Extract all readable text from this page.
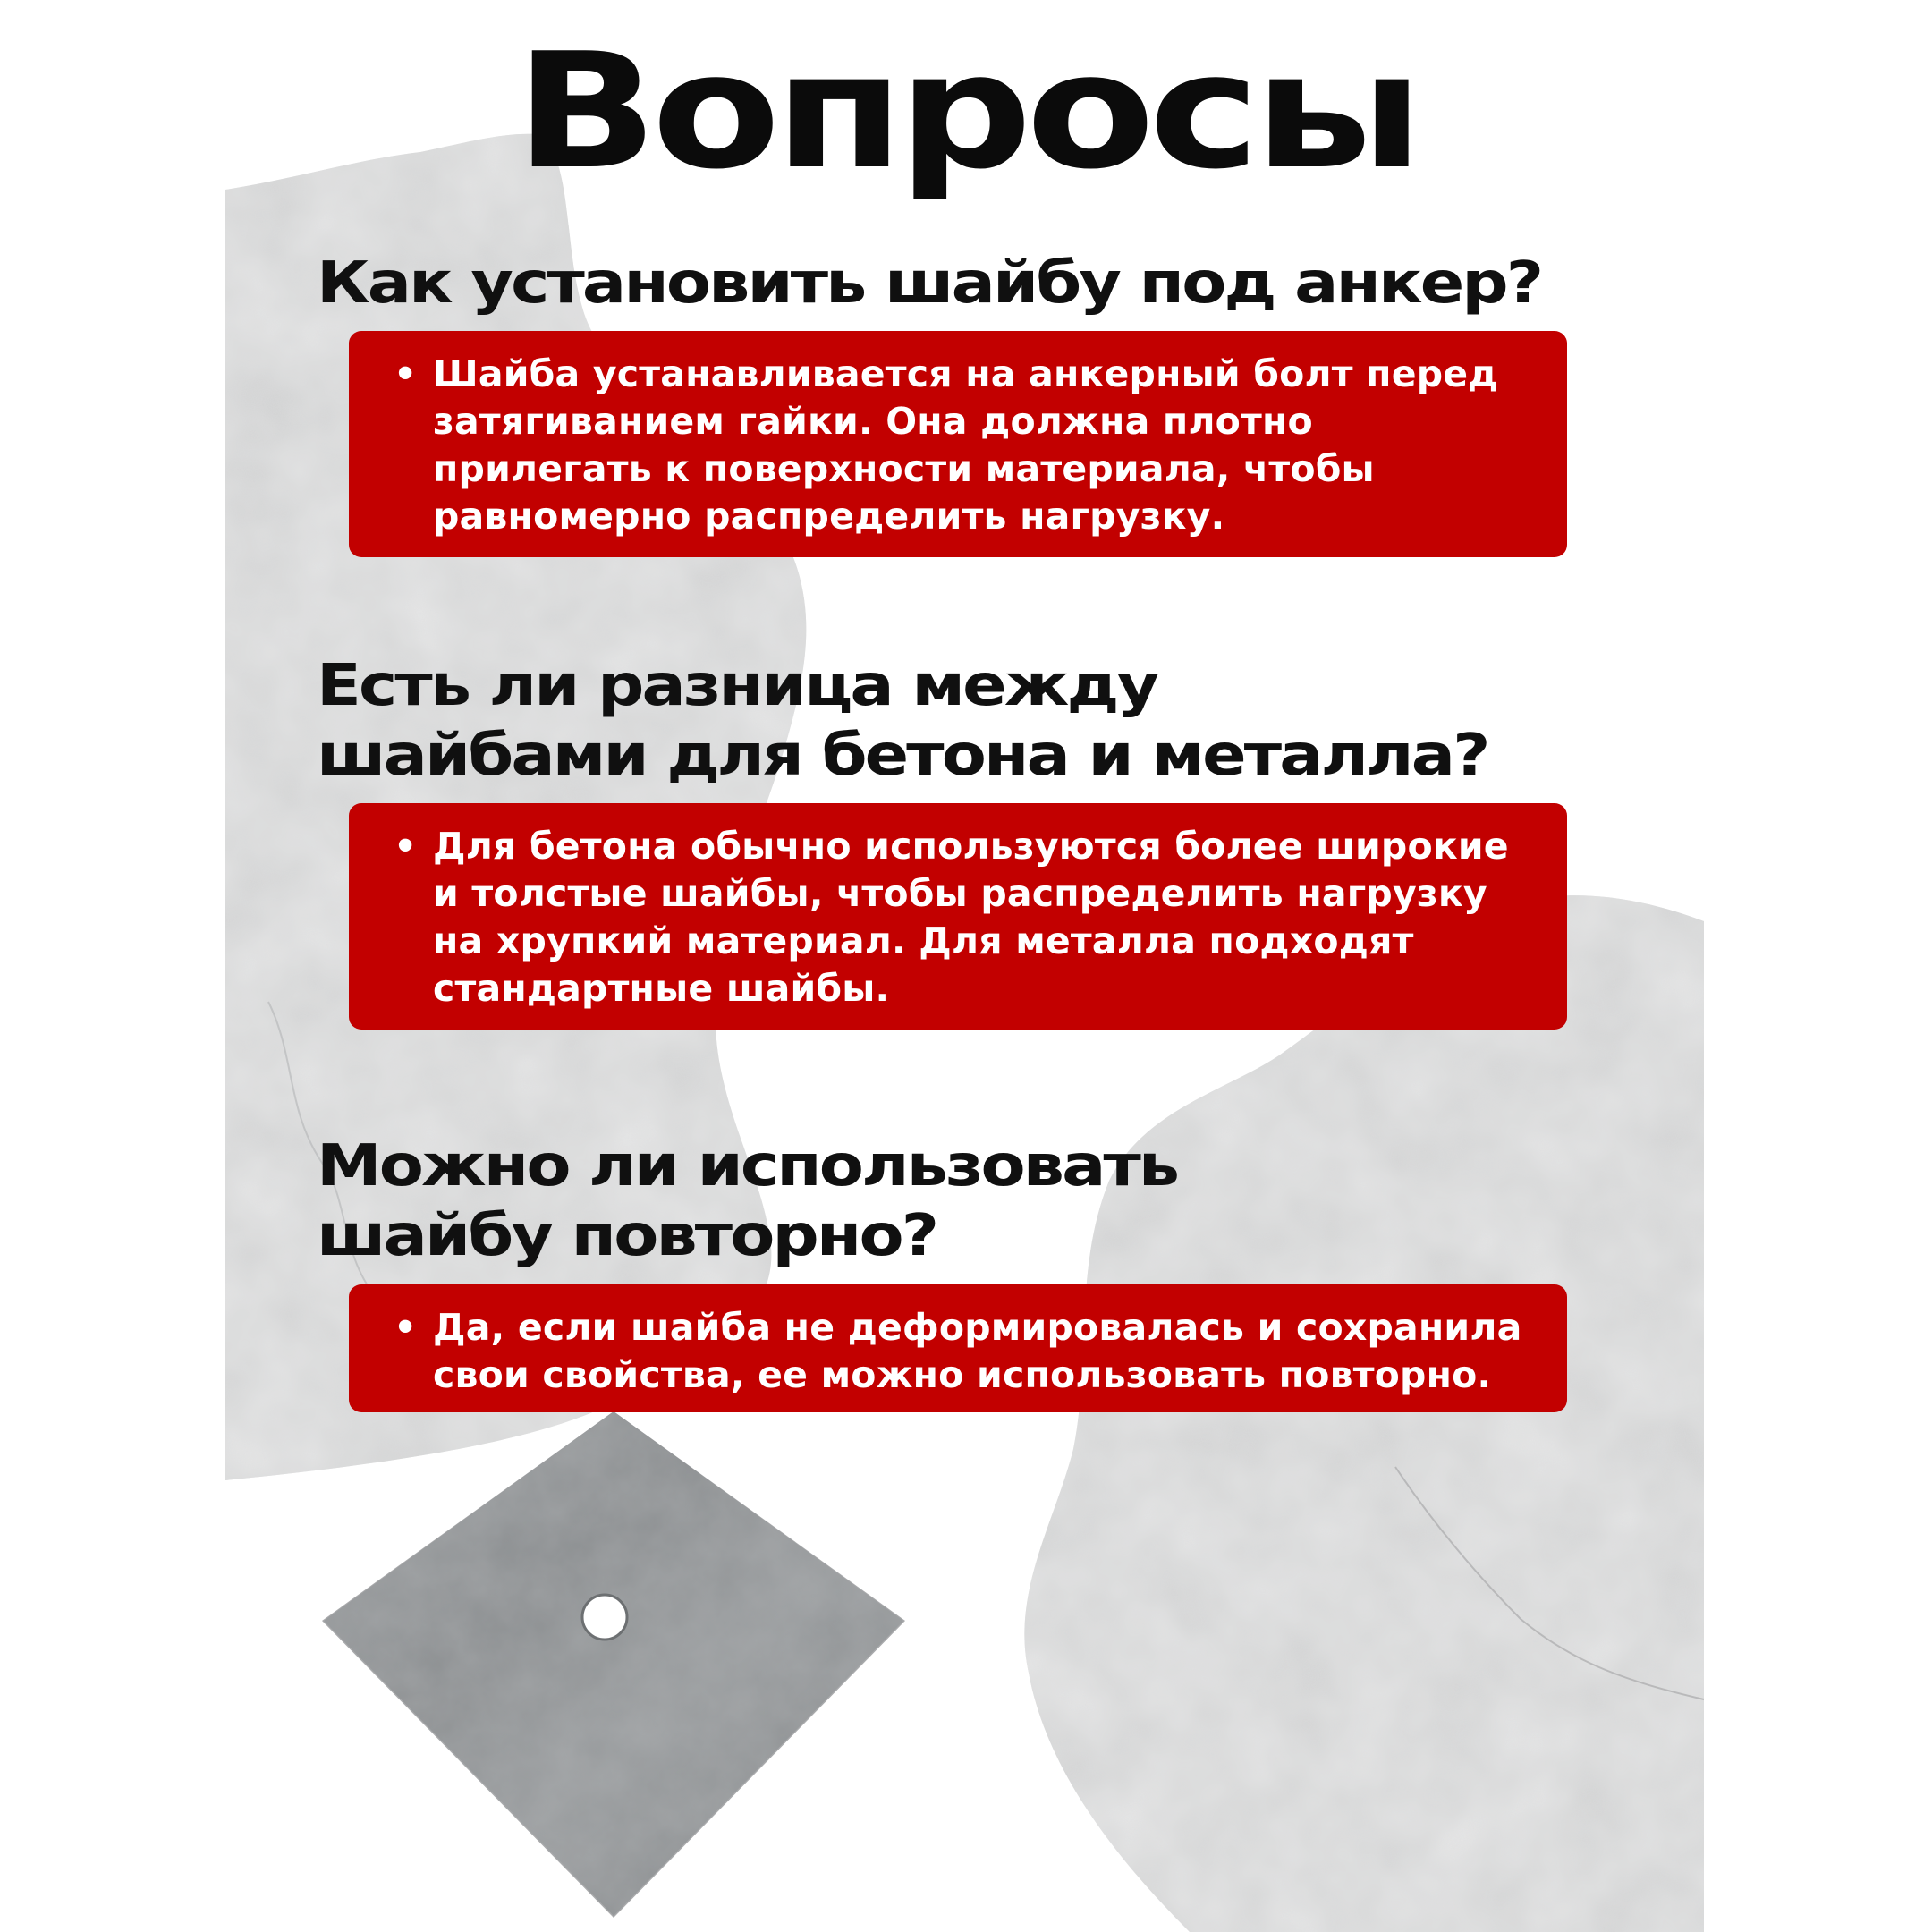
Вопросы
Как установить шайбу под анкер?
• Шайба устанавливается на анкерный болт перед затягиванием гайки. Она должна плотно прилегать к поверхности материала, чтобы равномерно распределить нагрузку.
Есть ли разница между
шайбами для бетона и металла?
• Для бетона обычно используются более широкие и толстые шайбы, чтобы распределить нагрузку на хрупкий материал. Для металла подходят стандартные шайбы.
Можно ли использовать
шайбу повторно?
• Да, если шайба не деформировалась и сохранила свои свойства, ее можно использовать повторно.
